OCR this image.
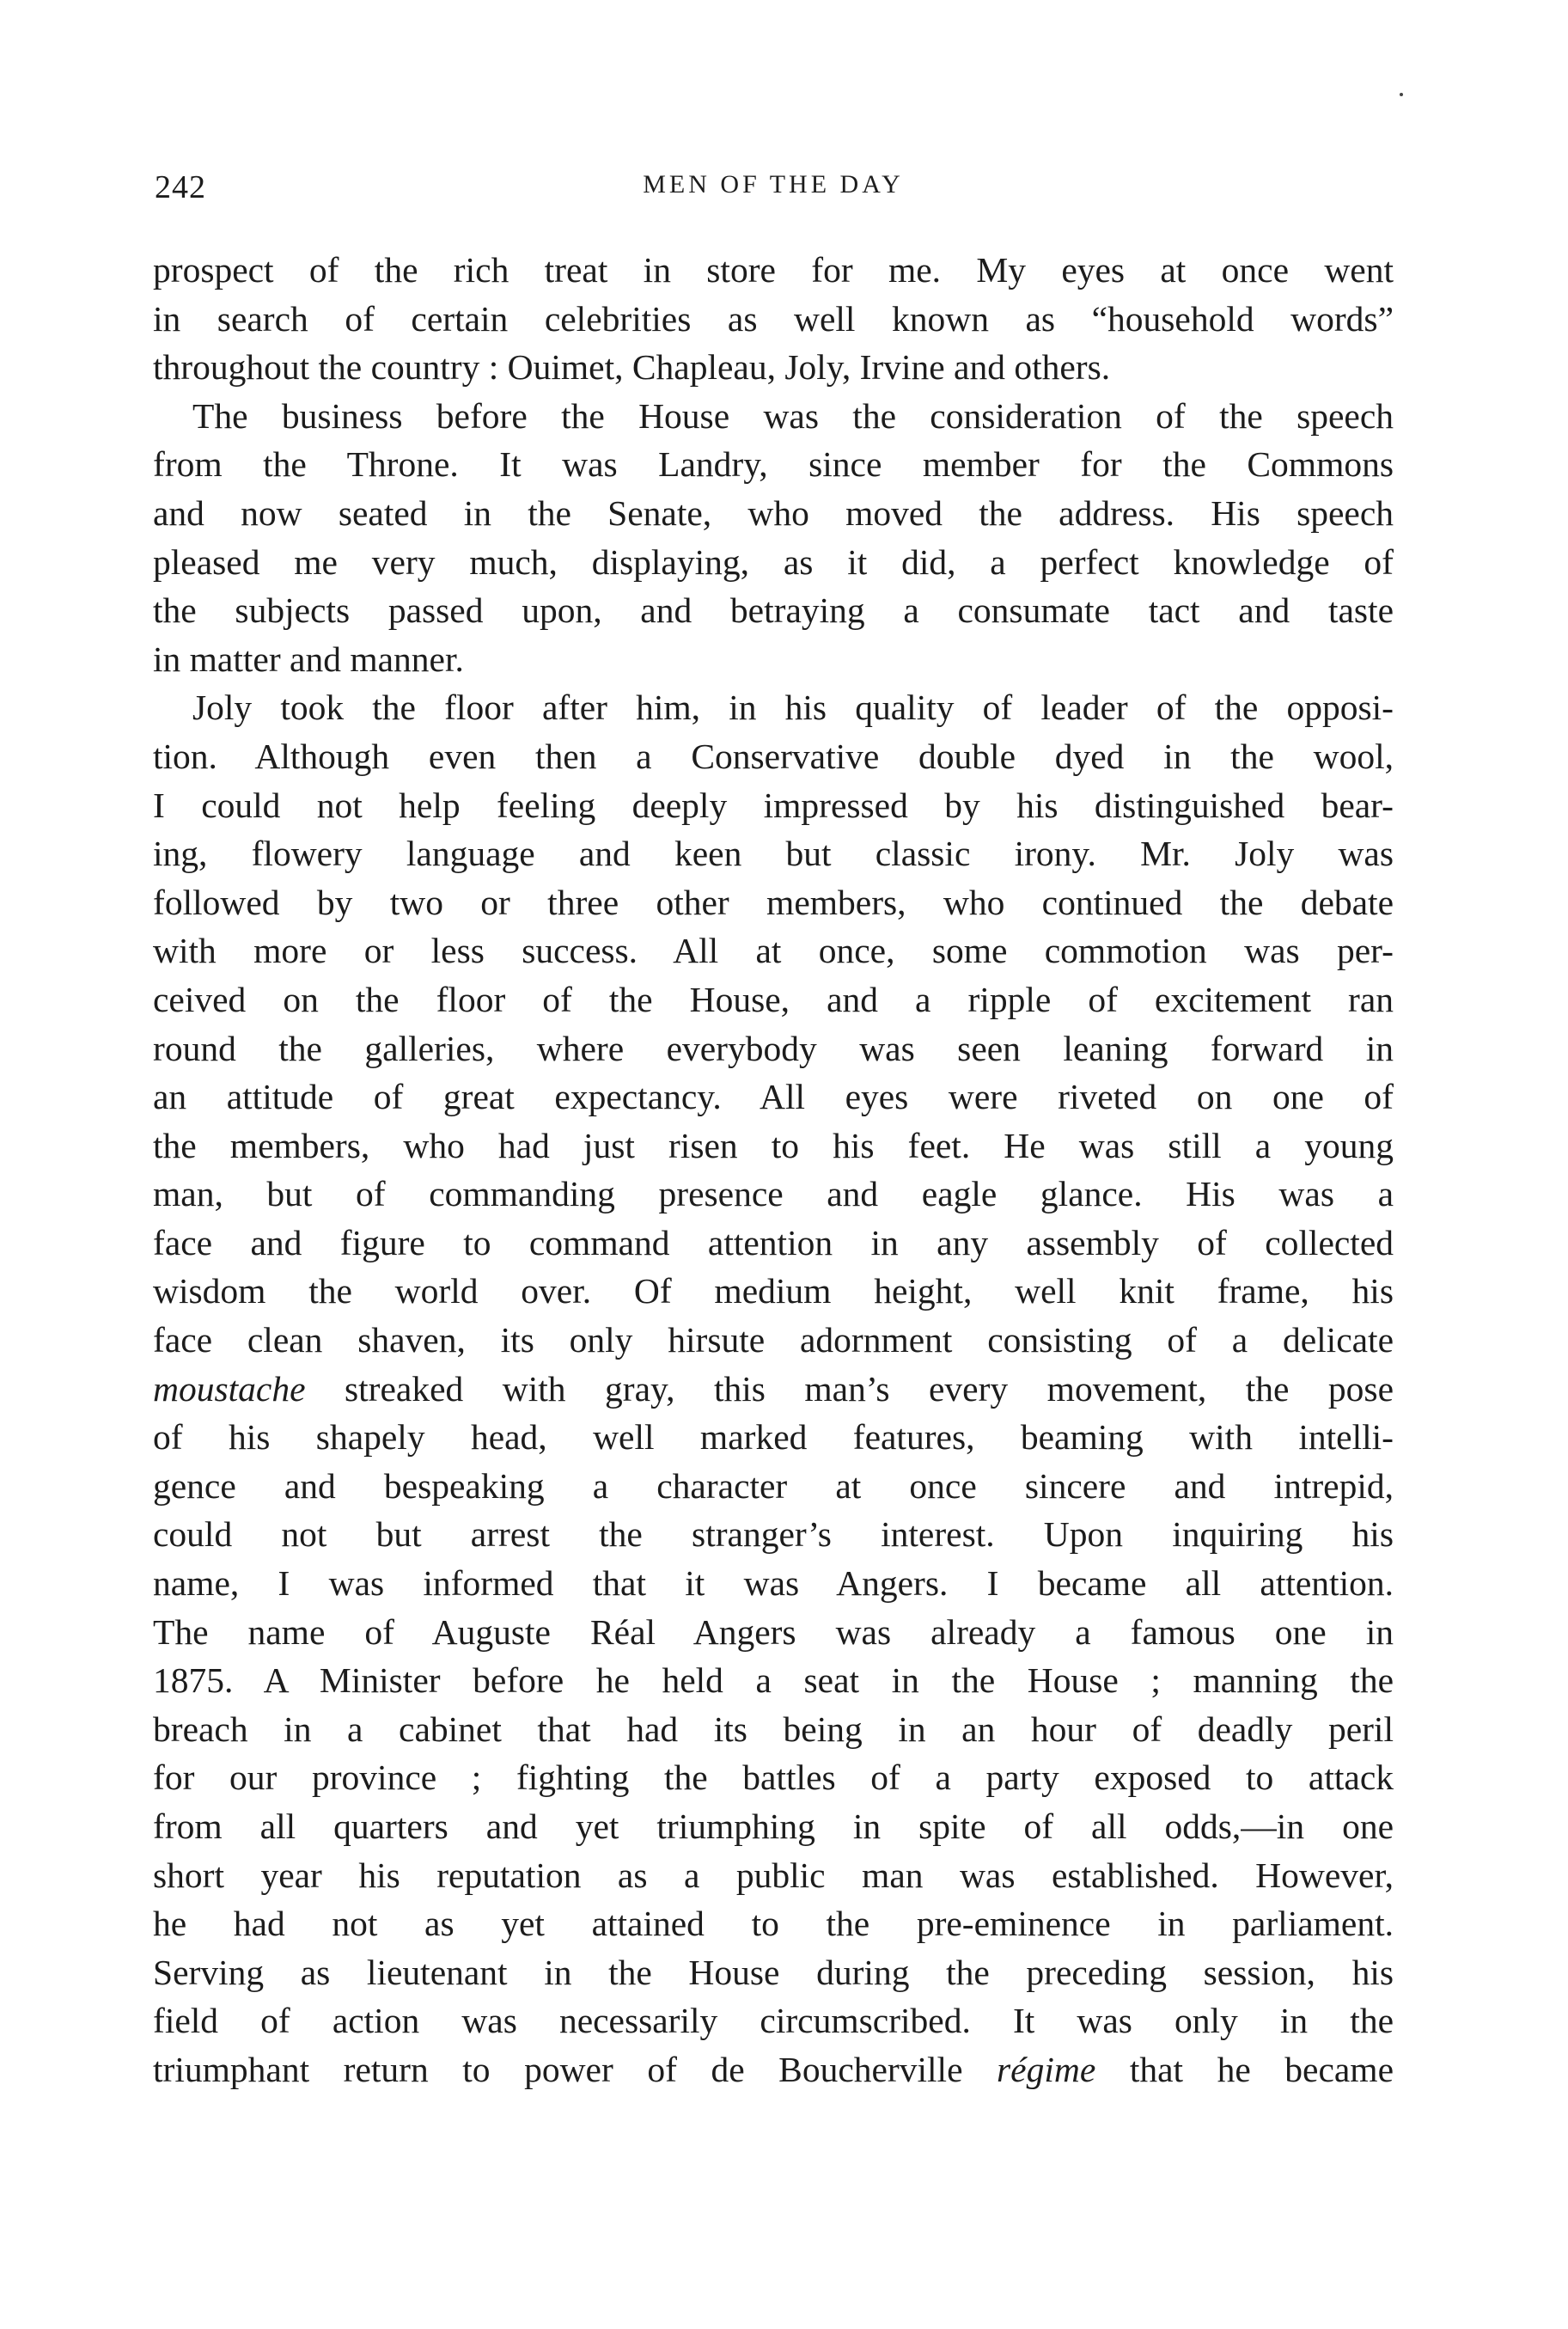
242	MEN OF THE DAY
prospect of the rich treat in store for me. My eyes at once went
in search of certain celebrities as well known as “household words”
throughout the country : Ouimet, Chapleau, Joly, Irvine and others.
The business before the House was the consideration of the speech
from the Throne. It was Landry, since member for the Commons
and now seated in the Senate, who moved the address. His speech
pleased me very much, displaying, as it did, a perfect knowledge of
the subjects passed upon, and betraying a consumate tact and taste
in matter and manner.
Joly took the floor after him, in his quality of leader of the opposi-
tion. Although even then a Conservative double dyed in the wool,
I could not help feeling deeply impressed by his distinguished bear-
ing, flowery language and keen but classic irony. Mr. Joly was
followed by two or three other members, who continued the debate
with more or less success. All at once, some commotion was per-
ceived on the floor of the House, and a ripple of excitement ran
round the galleries, where everybody was seen leaning forward in
an attitude of great expectancy. All eyes were riveted on one of
the members, who had just risen to his feet. He was still a young
man, but of commanding presence and eagle glance. His was a
face and figure to command attention in any assembly of collected
wisdom the world over. Of medium height, well knit frame, his
face clean shaven, its only hirsute adornment consisting of a delicate
moustache streaked with gray, this man’s every movement, the pose
of his shapely head, well marked features, beaming with intelli-
gence and bespeaking a character at once sincere and intrepid,
could not but arrest the stranger’s interest. Upon inquiring his
name, I was informed that it was Angers. I became all attention.
The name of Auguste Réal Angers was already a famous one in
1875. A Minister before he held a seat in the House ; manning the
breach in a cabinet that had its being in an hour of deadly peril
for our province ; fighting the battles of a party exposed to attack
from all quarters and yet triumphing in spite of all odds,—in one
short year his reputation as a public man was established. However,
he had not as yet attained to the pre-eminence in parliament.
Serving as lieutenant in the House during the preceding session, his
field of action was necessarily circumscribed. It was only in the
triumphant return to power of de Boucherville régime that he became
